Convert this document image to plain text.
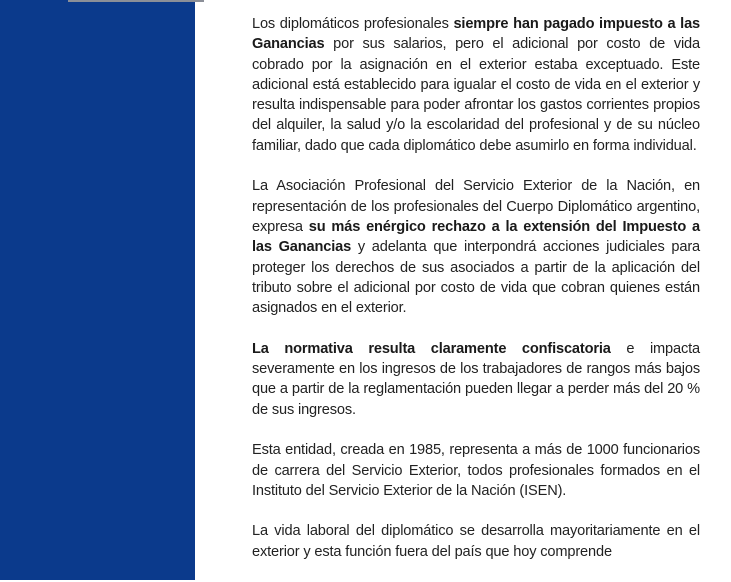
Los diplomáticos profesionales siempre han pagado impuesto a las Ganancias por sus salarios, pero el adicional por costo de vida cobrado por la asignación en el exterior estaba exceptuado. Este adicional está establecido para igualar el costo de vida en el exterior y resulta indispensable para poder afrontar los gastos corrientes propios del alquiler, la salud y/o la escolaridad del profesional y de su núcleo familiar, dado que cada diplomático debe asumirlo en forma individual.

La Asociación Profesional del Servicio Exterior de la Nación, en representación de los profesionales del Cuerpo Diplomático argentino, expresa su más enérgico rechazo a la extensión del Impuesto a las Ganancias y adelanta que interpondrá acciones judiciales para proteger los derechos de sus asociados a partir de la aplicación del tributo sobre el adicional por costo de vida que cobran quienes están asignados en el exterior.

La normativa resulta claramente confiscatoria e impacta severamente en los ingresos de los trabajadores de rangos más bajos que a partir de la reglamentación pueden llegar a perder más del 20 % de sus ingresos.

Esta entidad, creada en 1985, representa a más de 1000 funcionarios de carrera del Servicio Exterior, todos profesionales formados en el Instituto del Servicio Exterior de la Nación (ISEN).

La vida laboral del diplomático se desarrolla mayoritariamente en el exterior y esta función fuera del país que hoy comprende
